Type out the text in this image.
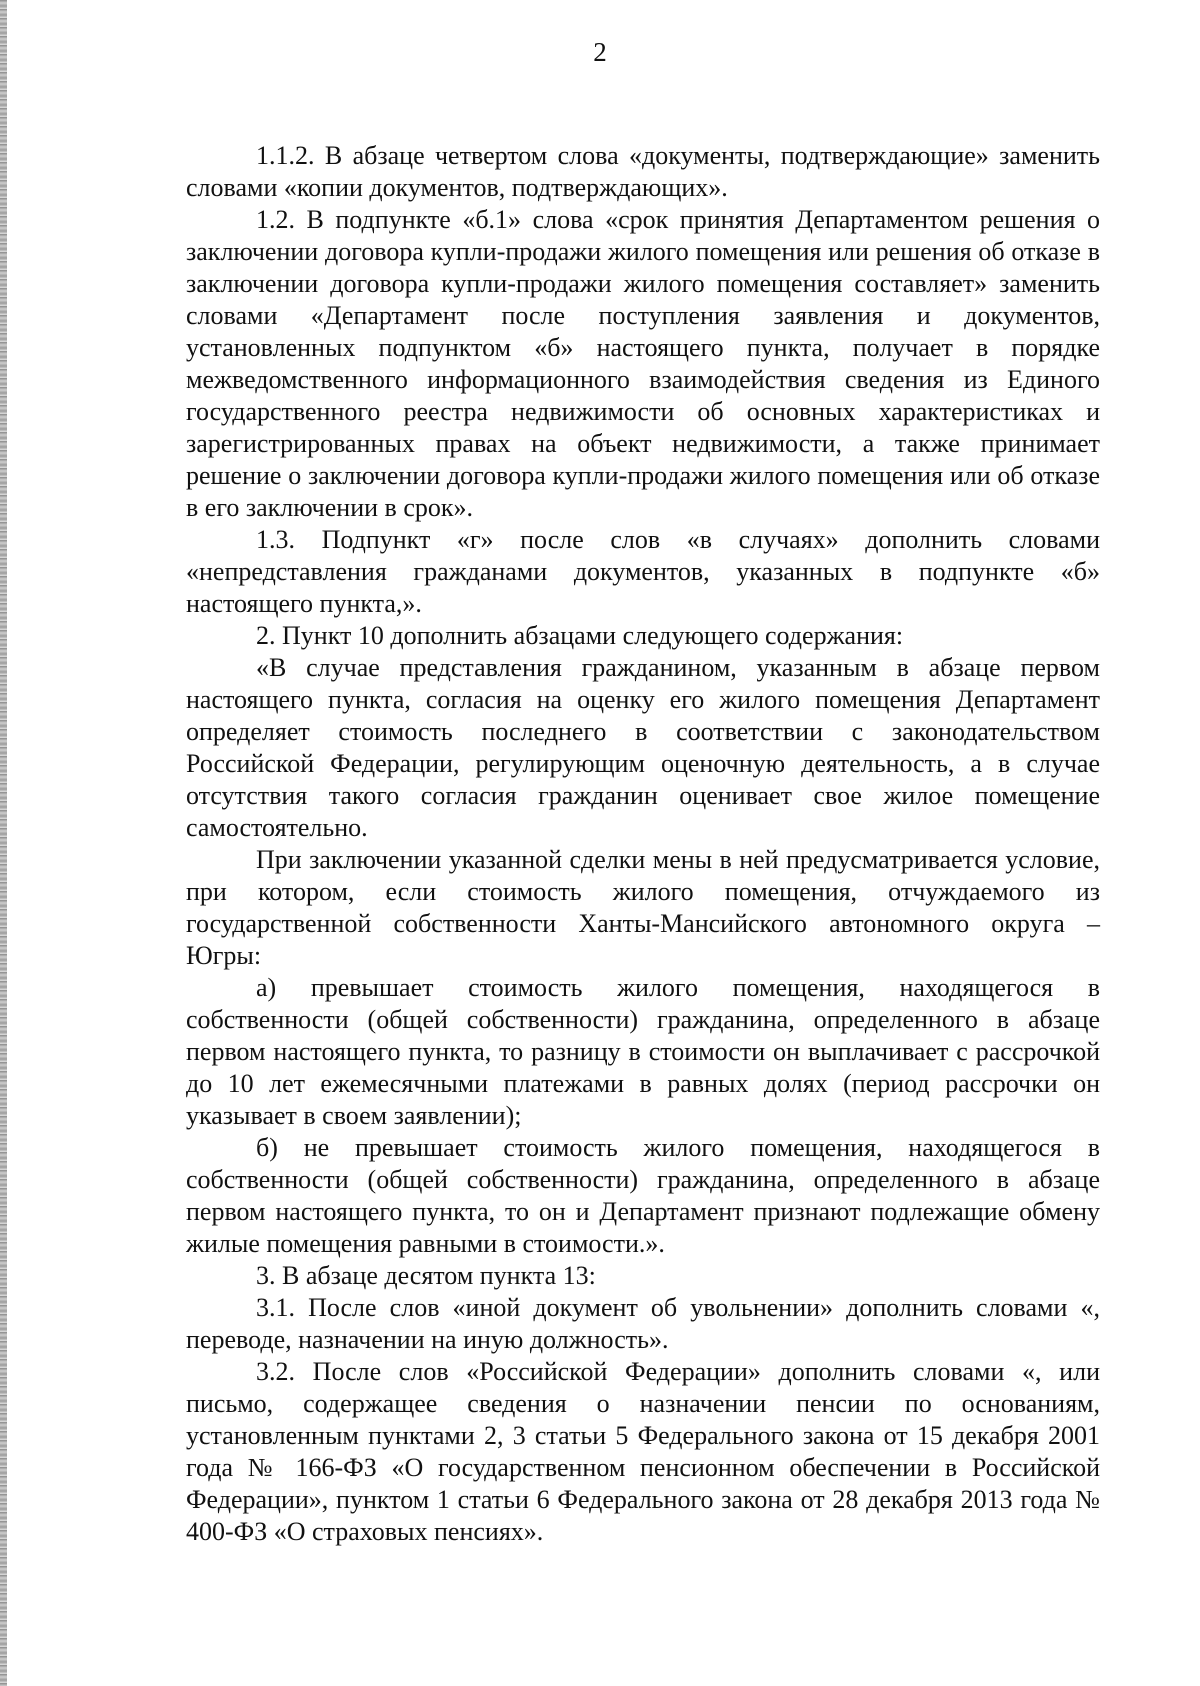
2

1.1.2. В абзаце четвертом слова «документы, подтверждающие» заменить словами «копии документов, подтверждающих».

1.2. В подпункте «б.1» слова «срок принятия Департаментом решения о заключении договора купли-продажи жилого помещения или решения об отказе в заключении договора купли-продажи жилого помещения составляет» заменить словами «Департамент после поступления заявления и документов, установленных подпунктом «б» настоящего пункта, получает в порядке межведомственного информационного взаимодействия сведения из Единого государственного реестра недвижимости об основных характеристиках и зарегистрированных правах на объект недвижимости, а также принимает решение о заключении договора купли-продажи жилого помещения или об отказе в его заключении в срок».

1.3. Подпункт «г» после слов «в случаях» дополнить словами «непредставления гражданами документов, указанных в подпункте «б» настоящего пункта,».

2. Пункт 10 дополнить абзацами следующего содержания:

«В случае представления гражданином, указанным в абзаце первом настоящего пункта, согласия на оценку его жилого помещения Департамент определяет стоимость последнего в соответствии с законодательством Российской Федерации, регулирующим оценочную деятельность, а в случае отсутствия такого согласия гражданин оценивает свое жилое помещение самостоятельно.

При заключении указанной сделки мены в ней предусматривается условие, при котором, если стоимость жилого помещения, отчуждаемого из государственной собственности Ханты-Мансийского автономного округа – Югры:

а) превышает стоимость жилого помещения, находящегося в собственности (общей собственности) гражданина, определенного в абзаце первом настоящего пункта, то разницу в стоимости он выплачивает с рассрочкой до 10 лет ежемесячными платежами в равных долях (период рассрочки он указывает в своем заявлении);

б) не превышает стоимость жилого помещения, находящегося в собственности (общей собственности) гражданина, определенного в абзаце первом настоящего пункта, то он и Департамент признают подлежащие обмену жилые помещения равными в стоимости.».

3. В абзаце десятом пункта 13:

3.1. После слов «иной документ об увольнении» дополнить словами «, переводе, назначении на иную должность».

3.2. После слов «Российской Федерации» дополнить словами «, или письмо, содержащее сведения о назначении пенсии по основаниям, установленным пунктами 2, 3 статьи 5 Федерального закона от 15 декабря 2001 года № 166-ФЗ «О государственном пенсионном обеспечении в Российской Федерации», пунктом 1 статьи 6 Федерального закона от 28 декабря 2013 года № 400-ФЗ «О страховых пенсиях».
